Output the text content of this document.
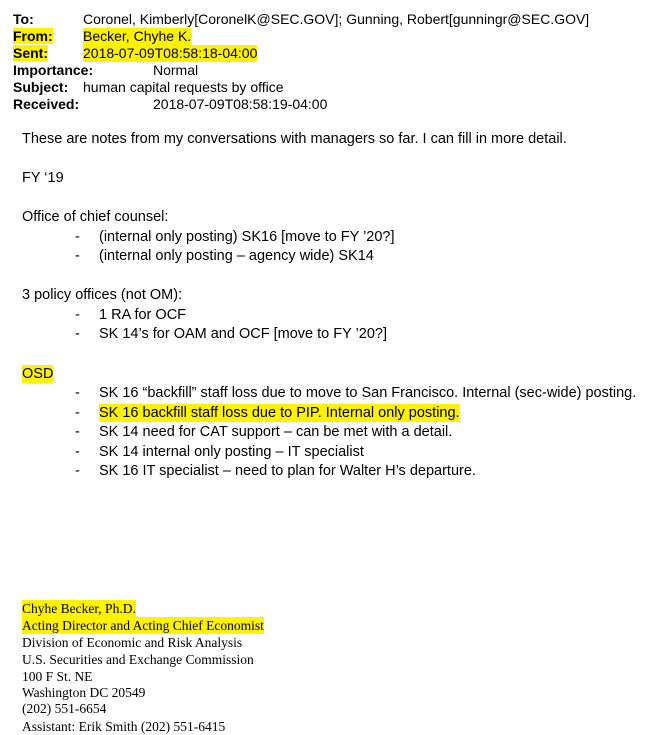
To:	Coronel, Kimberly[CoronelK@SEC.GOV]; Gunning, Robert[gunningr@SEC.GOV]
From: Becker, Chyhe K.
Sent:	2018-07-09T08:58:18-04:00
Importance:	Normal
Subject: human capital requests by office
Received:	2018-07-09T08:58:19-04:00
These are notes from my conversations with managers so far. I can fill in more detail.
FY ‘19
Office of chief counsel:
- (internal only posting) SK16 [move to FY ’20?]
- (internal only posting – agency wide) SK14
3 policy offices (not OM):
- 1 RA for OCF
- SK 14’s for OAM and OCF [move to FY ’20?]
OSD
- SK 16 “backfill” staff loss due to move to San Francisco. Internal (sec-wide) posting.
- SK 16 backfill staff loss due to PIP. Internal only posting.
- SK 14 need for CAT support – can be met with a detail.
- SK 14 internal only posting – IT specialist
- SK 16 IT specialist – need to plan for Walter H’s departure.
Chyhe Becker, Ph.D.
Acting Director and Acting Chief Economist
Division of Economic and Risk Analysis
U.S. Securities and Exchange Commission
100 F St. NE
Washington DC 20549
(202) 551-6654
Assistant: Erik Smith (202) 551-6415
